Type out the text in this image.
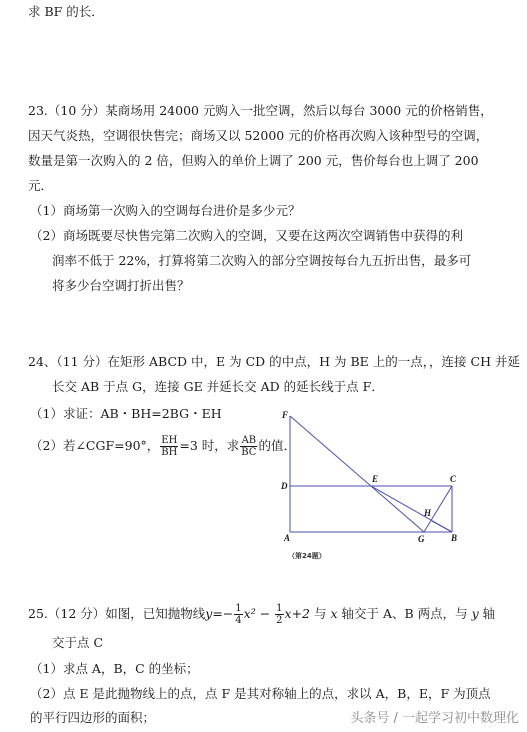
求 BF 的长．
23.（10 分）某商场用 24000 元购入一批空调，然后以每台 3000 元的价格销售，
因天气炎热，空调很快售完；商场又以 52000 元的价格再次购入该种型号的空调，
数量是第一次购入的 2 倍，但购入的单价上调了 200 元，售价每台也上调了 200
元．
（1）商场第一次购入的空调每台进价是多少元？
（2）商场既要尽快售完第二次购入的空调，又要在这两次空调销售中获得的利
润率不低于 22%，打算将第二次购入的部分空调按每台九五折出售，最多可
将多少台空调打折出售？
24、（11 分）在矩形 ABCD 中，E 为 CD 的中点，H 为 BE 上的一点，，连接 CH 并延
长交 AB 于点 G，连接 GE 并延长交 AD 的延长线于点 F．
（1）求证：AB・BH=2BG・EH
（2）若∠CGF=90°， $\frac{EH}{BH} =3$ 时，求 $\frac{AB}{BC}$ 的值．
F
D
E	C
H
A	G	B
（第24题）
25.（12 分）如图，已知抛物线$y=- \frac{1}{4} x^2 - \frac{1}{2} x+2$ 与 x 轴交于 A、B 两点，与 y 轴
交于点 C
（1）求点 A，B，C 的坐标；
（2）点 E 是此抛物线上的点，点 F 是其对称轴上的点，求以 A，B，E，F 为顶点
的平行四边形的面积；	头条号 / 一起学习初中数理化
